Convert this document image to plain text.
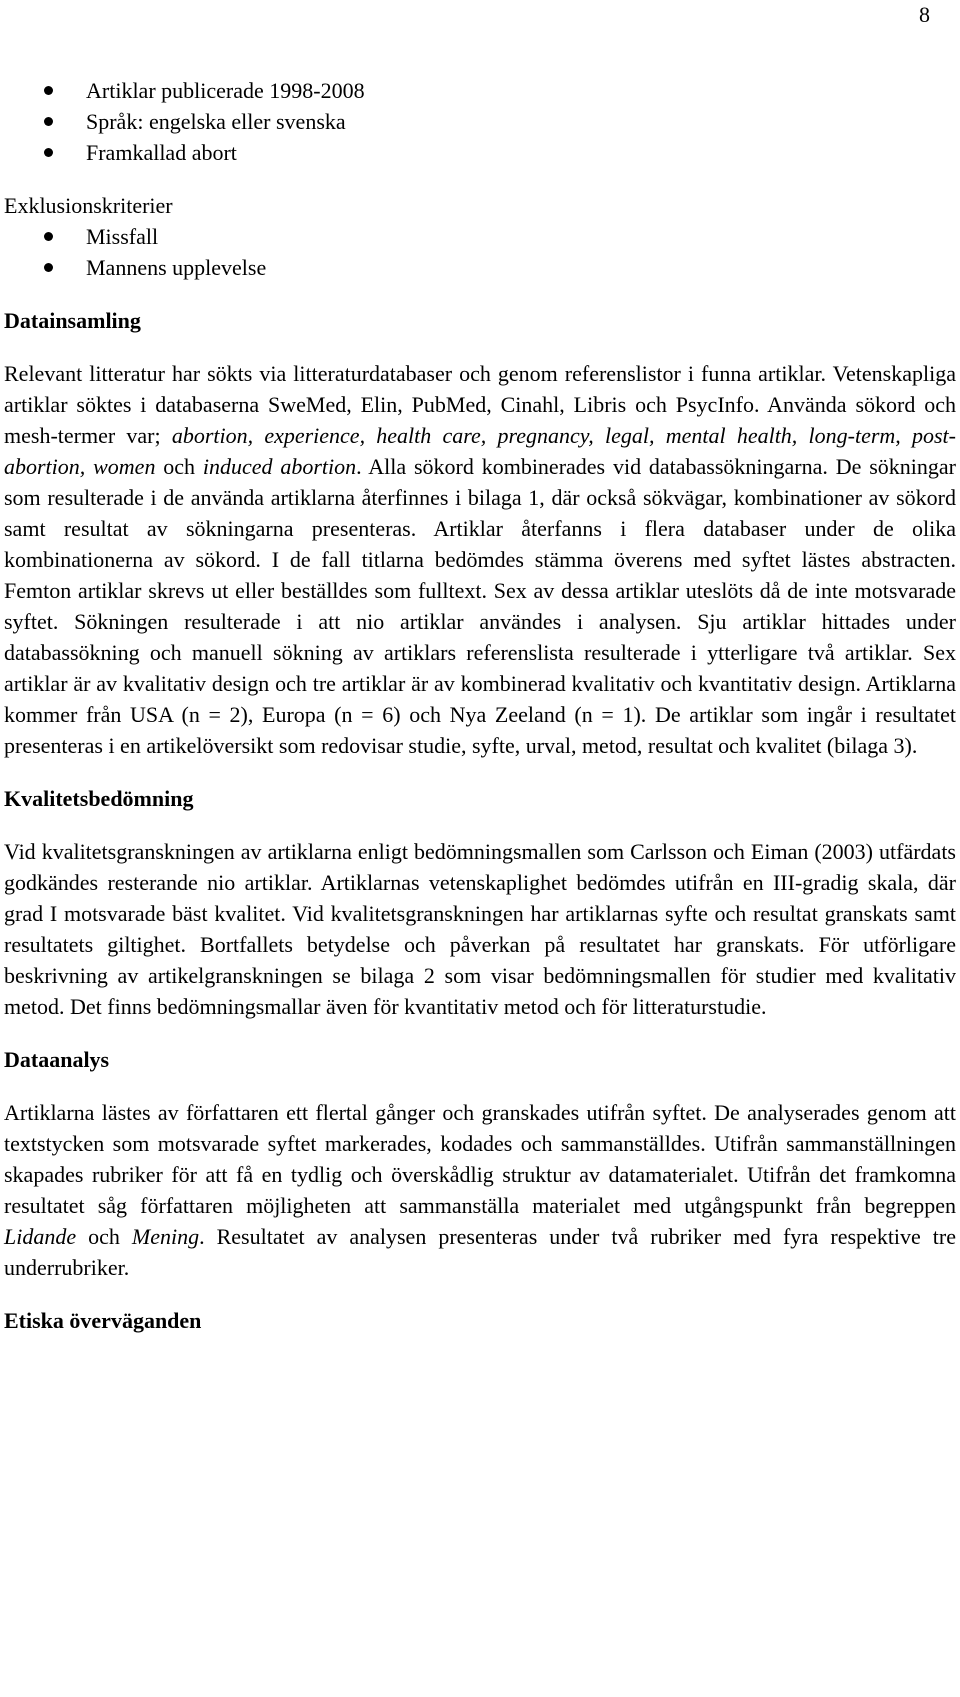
8
Artiklar publicerade 1998-2008
Språk: engelska eller svenska
Framkallad abort
Exklusionskriterier
Missfall
Mannens upplevelse
Datainsamling

Relevant litteratur har sökts via litteraturdatabaser och genom referenslistor i funna artiklar. Vetenskapliga artiklar söktes i databaserna SweMed, Elin, PubMed, Cinahl, Libris och PsycInfo. Använda sökord och mesh-termer var; abortion, experience, health care, pregnancy, legal, mental health, long-term, post-abortion, women och induced abortion. Alla sökord kombinerades vid databassökningarna. De sökningar som resulterade i de använda artiklarna återfinnes i bilaga 1, där också sökvägar, kombinationer av sökord samt resultat av sökningarna presenteras. Artiklar återfanns i flera databaser under de olika kombinationerna av sökord. I de fall titlarna bedömdes stämma överens med syftet lästes abstracten. Femton artiklar skrevs ut eller beställdes som fulltext. Sex av dessa artiklar uteslöts då de inte motsvarade syftet. Sökningen resulterade i att nio artiklar användes i analysen. Sju artiklar hittades under databassökning och manuell sökning av artiklars referenslista resulterade i ytterligare två artiklar. Sex artiklar är av kvalitativ design och tre artiklar är av kombinerad kvalitativ och kvantitativ design. Artiklarna kommer från USA (n = 2), Europa (n = 6) och Nya Zeeland (n = 1). De artiklar som ingår i resultatet presenteras i en artikelöversikt som redovisar studie, syfte, urval, metod, resultat och kvalitet (bilaga 3).

Kvalitetsbedömning

Vid kvalitetsgranskningen av artiklarna enligt bedömningsmallen som Carlsson och Eiman (2003) utfärdats godkändes resterande nio artiklar. Artiklarnas vetenskaplighet bedömdes utifrån en III-gradig skala, där grad I motsvarade bäst kvalitet. Vid kvalitetsgranskningen har artiklarnas syfte och resultat granskats samt resultatets giltighet. Bortfallets betydelse och påverkan på resultatet har granskats. För utförligare beskrivning av artikelgranskningen se bilaga 2 som visar bedömningsmallen för studier med kvalitativ metod. Det finns bedömningsmallar även för kvantitativ metod och för litteraturstudie.

Dataanalys

Artiklarna lästes av författaren ett flertal gånger och granskades utifrån syftet. De analyserades genom att textstycken som motsvarade syftet markerades, kodades och sammanställdes. Utifrån sammanställningen skapades rubriker för att få en tydlig och överskådlig struktur av datamaterialet. Utifrån det framkomna resultatet såg författaren möjligheten att sammanställa materialet med utgångspunkt från begreppen Lidande och Mening. Resultatet av analysen presenteras under två rubriker med fyra respektive tre underrubriker.

Etiska överväganden
